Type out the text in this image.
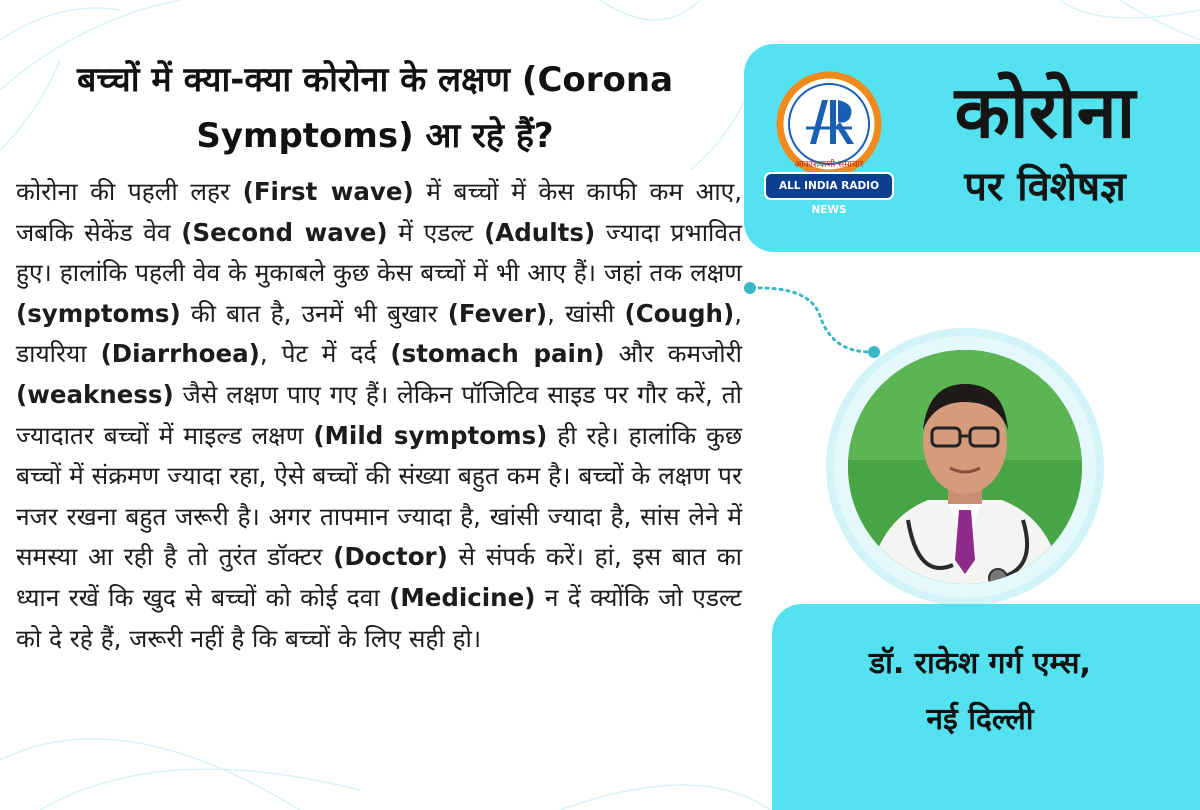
बच्चों में क्या-क्या कोरोना के लक्षण (Corona
Symptoms) आ रहे हैं?
कोरोना की पहली लहर (First wave) में बच्चों में केस काफी कम आए, जबकि सेकेंड वेव (Second wave) में एडल्ट (Adults) ज्यादा प्रभावित हुए। हालांकि पहली वेव के मुकाबले कुछ केस बच्चों में भी आए हैं। जहां तक लक्षण (symptoms) की बात है, उनमें भी बुखार (Fever), खांसी (Cough), डायरिया (Diarrhoea), पेट में दर्द (stomach pain) और कमजोरी (weakness) जैसे लक्षण पाए गए हैं। लेकिन पॉजिटिव साइड पर गौर करें, तो ज्यादातर बच्चों में माइल्ड लक्षण (Mild symptoms) ही रहे। हालांकि कुछ बच्चों में संक्रमण ज्यादा रहा, ऐसे बच्चों की संख्या बहुत कम है। बच्चों के लक्षण पर नजर रखना बहुत जरूरी है। अगर तापमान ज्यादा है, खांसी ज्यादा है, सांस लेने में समस्या आ रही है तो तुरंत डॉक्टर (Doctor) से संपर्क करें। हां, इस बात का ध्यान रखें कि खुद से बच्चों को कोई दवा (Medicine) न दें क्योंकि जो एडल्ट को दे रहे हैं, जरूरी नहीं है कि बच्चों के लिए सही हो।
आकाशवाणी समाचार
ALL INDIA RADIO NEWS
कोरोना
पर विशेषज्ञ
डॉ. राकेश गर्ग एम्स,
नई दिल्ली
